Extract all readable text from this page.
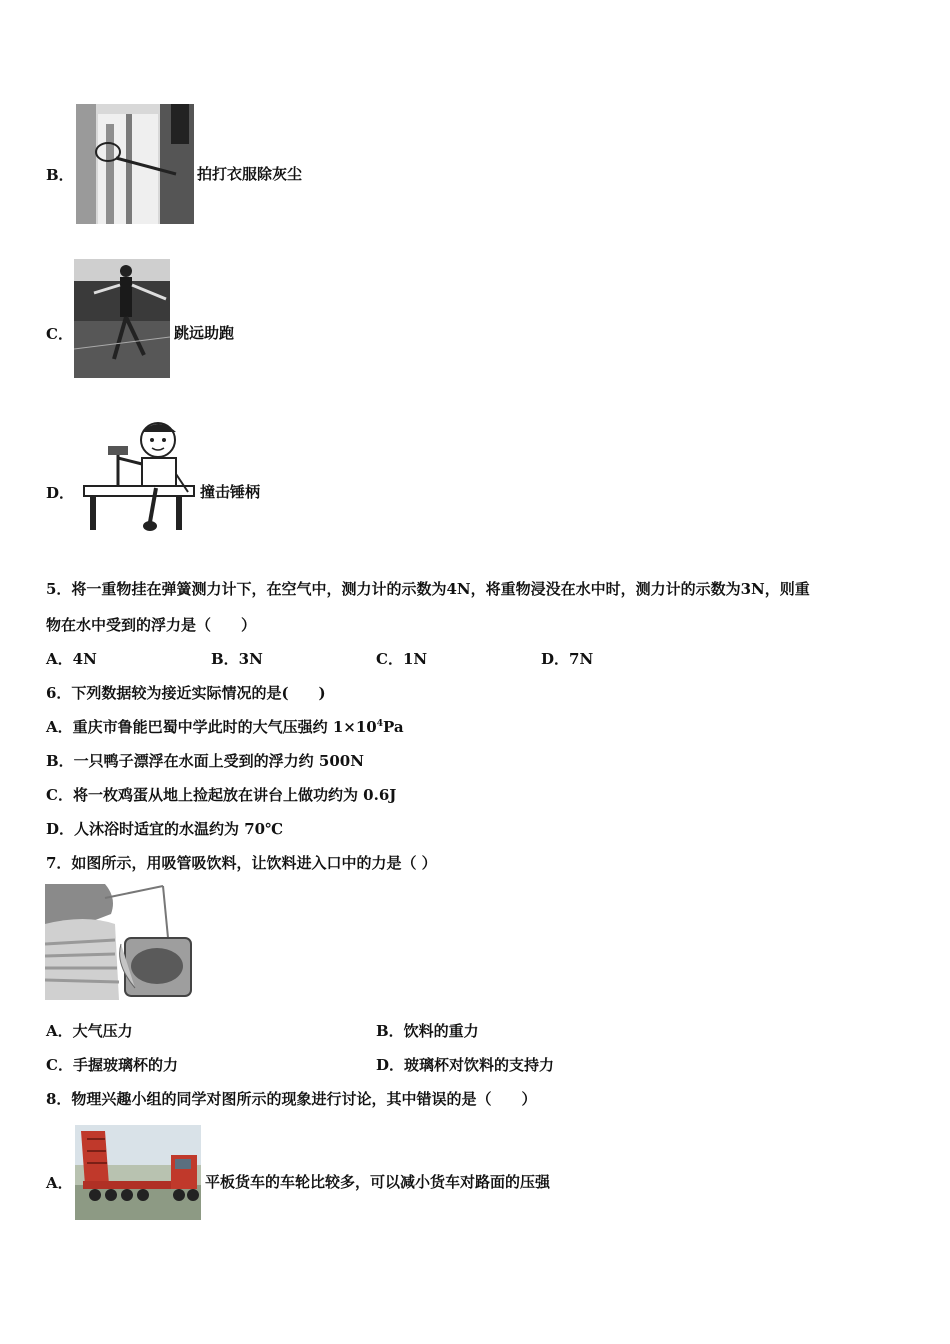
B．	拍打衣服除灰尘
C．	跳远助跑
D．	撞击锤柄
5．将一重物挂在弹簧测力计下，在空气中，测力计的示数为4N，将重物浸没在水中时，测力计的示数为3N，则重
物在水中受到的浮力是（　　）
A．4N	B．3N	C．1N	D．7N
6．下列数据较为接近实际情况的是(　　)
A．重庆市鲁能巴蜀中学此时的大气压强约 $1\times 10^4Pa$
B．一只鸭子漂浮在水面上受到的浮力约 500N
C．将一枚鸡蛋从地上捡起放在讲台上做功约为 0.6J
D．人沐浴时适宜的水温约为 70℃
7．如图所示，用吸管吸饮料，让饮料进入口中的力是（ ）
A．大气压力	B．饮料的重力
C．手握玻璃杯的力	D．玻璃杯对饮料的支持力
8．物理兴趣小组的同学对图所示的现象进行讨论，其中错误的是（　　）
A．	平板货车的车轮比较多，可以减小货车对路面的压强
